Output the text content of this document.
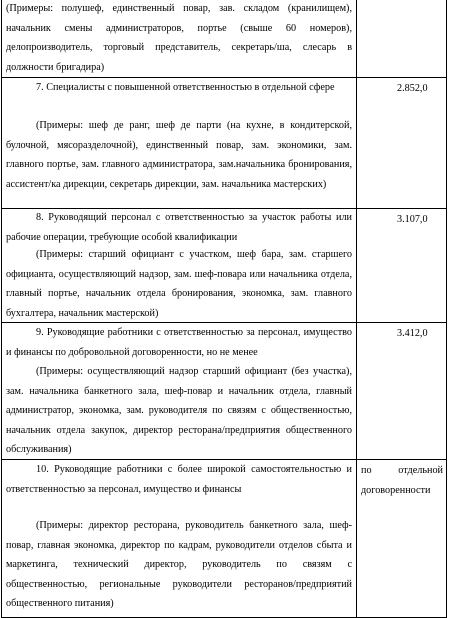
(Примеры: полушеф, единственный повар, зав. складом (кранилищем), начальник смены администраторов, портье (свыше 60 номеров), делопроизводитель, торговый представитель, секретарь/ша, слесарь в должности бригадира)

7. Специалисты с повышенной ответственностью в отдельной сфере

(Примеры: шеф де ранг, шеф де парти (на кухне, в кондитерской, булочной, мясоразделочной), единственный повар, зам. экономики, зам. главного портье, зам. главного администратора, зам.начальника бронирования, ассистент/ка дирекции, секретарь дирекции, зам. начальника мастерских)

2.852,0

8. Руководящий персонал с ответственностью за участок работы или рабочие операции, требующие особой квалификации

(Примеры: старший официант с участком, шеф бара, зам. старшего официанта, осуществляющий надзор, зам. шеф-повара или начальника отдела, главный портье, начальник отдела бронирования, экономка, зам. главного бухгалтера, начальник мастерской)

3.107,0

9. Руководящие работники с ответственностью за персонал, имущество и финансы по добровольной договоренности, но не менее

(Примеры: осуществляющий надзор старший официант (без участка), зам. начальника банкетного зала, шеф-повар и начальник отдела, главный администратор, экономка, зам. руководителя по связям с общественностью, начальник отдела закупок, директор ресторана/предприятия общественного обслуживания)

3.412,0

10. Руководящие работники с более широкой самостоятельностью и ответственностью за персонал, имущество и финансы

(Примеры: директор ресторана, руководитель банкетного зала, шеф-повар, главная экономка, директор по кадрам, руководители отделов сбыта и маркетинга, технический директор, руководитель по связям с общественностью, региональные руководители ресторанов/предприятий общественного питания)

по отдельной договоренности
